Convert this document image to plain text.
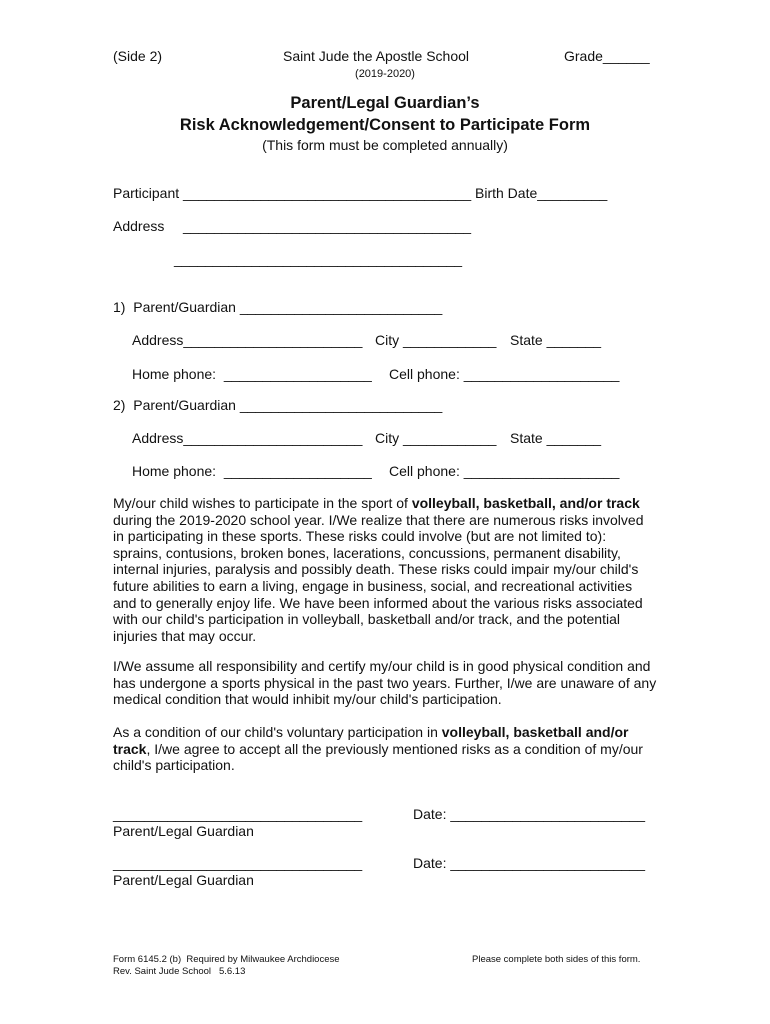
(Side 2)	Saint Jude the Apostle School	Grade______
(2019-2020)
Parent/Legal Guardian’s
Risk Acknowledgement/Consent to Participate Form
(This form must be completed annually)
Participant _____________________________________ Birth Date_________
Address _____________________________________
_____________________________________
1)  Parent/Guardian __________________________
Address_______________________ City ____________ State _______
Home phone:  ___________________ Cell phone: ____________________
2)  Parent/Guardian __________________________
Address_______________________ City ____________ State _______
Home phone:  ___________________ Cell phone: ____________________
My/our child wishes to participate in the sport of volleyball, basketball, and/or track during the 2019-2020 school year. I/We realize that there are numerous risks involved in participating in these sports. These risks could involve (but are not limited to): sprains, contusions, broken bones, lacerations, concussions, permanent disability, internal injuries, paralysis and possibly death. These risks could impair my/our child's future abilities to earn a living, engage in business, social, and recreational activities and to generally enjoy life. We have been informed about the various risks associated with our child's participation in volleyball, basketball and/or track, and the potential injuries that may occur.
I/We assume all responsibility and certify my/our child is in good physical condition and has undergone a sports physical in the past two years. Further, I/we are unaware of any medical condition that would inhibit my/our child's participation.
As a condition of our child's voluntary participation in volleyball, basketball and/or track, I/we agree to accept all the previously mentioned risks as a condition of my/our child's participation.
________________________________	Date: _________________________
Parent/Legal Guardian
________________________________	Date: _________________________
Parent/Legal Guardian
Form 6145.2 (b)  Required by Milwaukee Archdiocese
Rev. Saint Jude School   5.6.13
Please complete both sides of this form.
